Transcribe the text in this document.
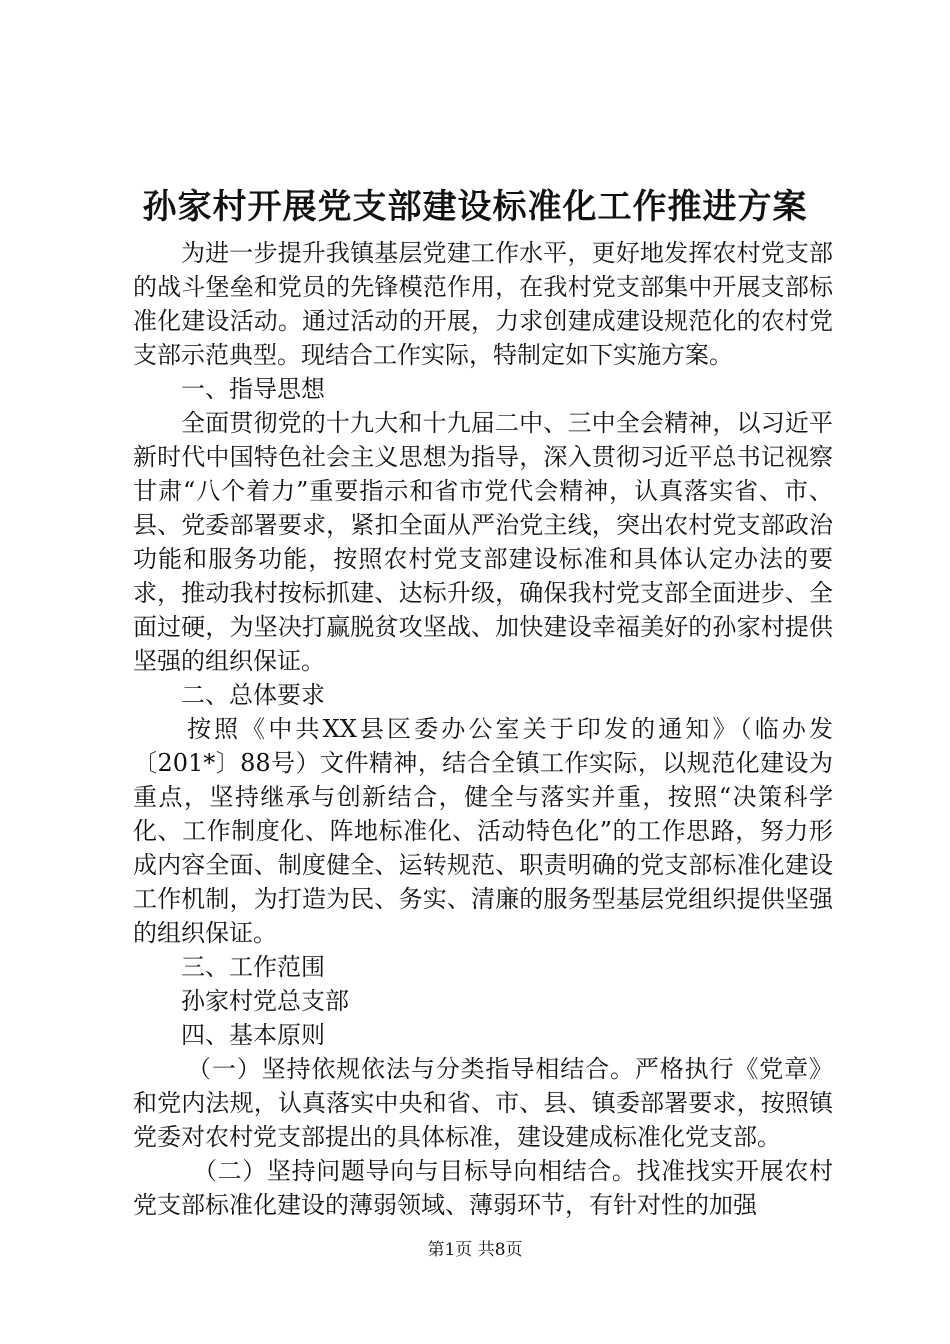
孙家村开展党支部建设标准化工作推进方案

为进一步提升我镇基层党建工作水平，更好地发挥农村党支部的战斗堡垒和党员的先锋模范作用，在我村党支部集中开展支部标准化建设活动。通过活动的开展，力求创建成建设规范化的农村党支部示范典型。现结合工作实际，特制定如下实施方案。

一、指导思想

全面贯彻党的十九大和十九届二中、三中全会精神，以习近平新时代中国特色社会主义思想为指导，深入贯彻习近平总书记视察甘肃“八个着力”重要指示和省市党代会精神，认真落实省、市、县、党委部署要求，紧扣全面从严治党主线，突出农村党支部政治功能和服务功能，按照农村党支部建设标准和具体认定办法的要求，推动我村按标抓建、达标升级，确保我村党支部全面进步、全面过硬，为坚决打赢脱贫攻坚战、加快建设幸福美好的孙家村提供坚强的组织保证。

二、总体要求

按照《中共XX县区委办公室关于印发的通知》（临办发〔201*〕88号）文件精神，结合全镇工作实际，以规范化建设为重点，坚持继承与创新结合，健全与落实并重，按照“决策科学化、工作制度化、阵地标准化、活动特色化”的工作思路，努力形成内容全面、制度健全、运转规范、职责明确的党支部标准化建设工作机制，为打造为民、务实、清廉的服务型基层党组织提供坚强的组织保证。

三、工作范围

孙家村党总支部

四、基本原则

（一）坚持依规依法与分类指导相结合。严格执行《党章》和党内法规，认真落实中央和省、市、县、镇委部署要求，按照镇党委对农村党支部提出的具体标准，建设建成标准化党支部。

（二）坚持问题导向与目标导向相结合。找准找实开展农村党支部标准化建设的薄弱领域、薄弱环节，有针对性的加强

第1页 共8页
